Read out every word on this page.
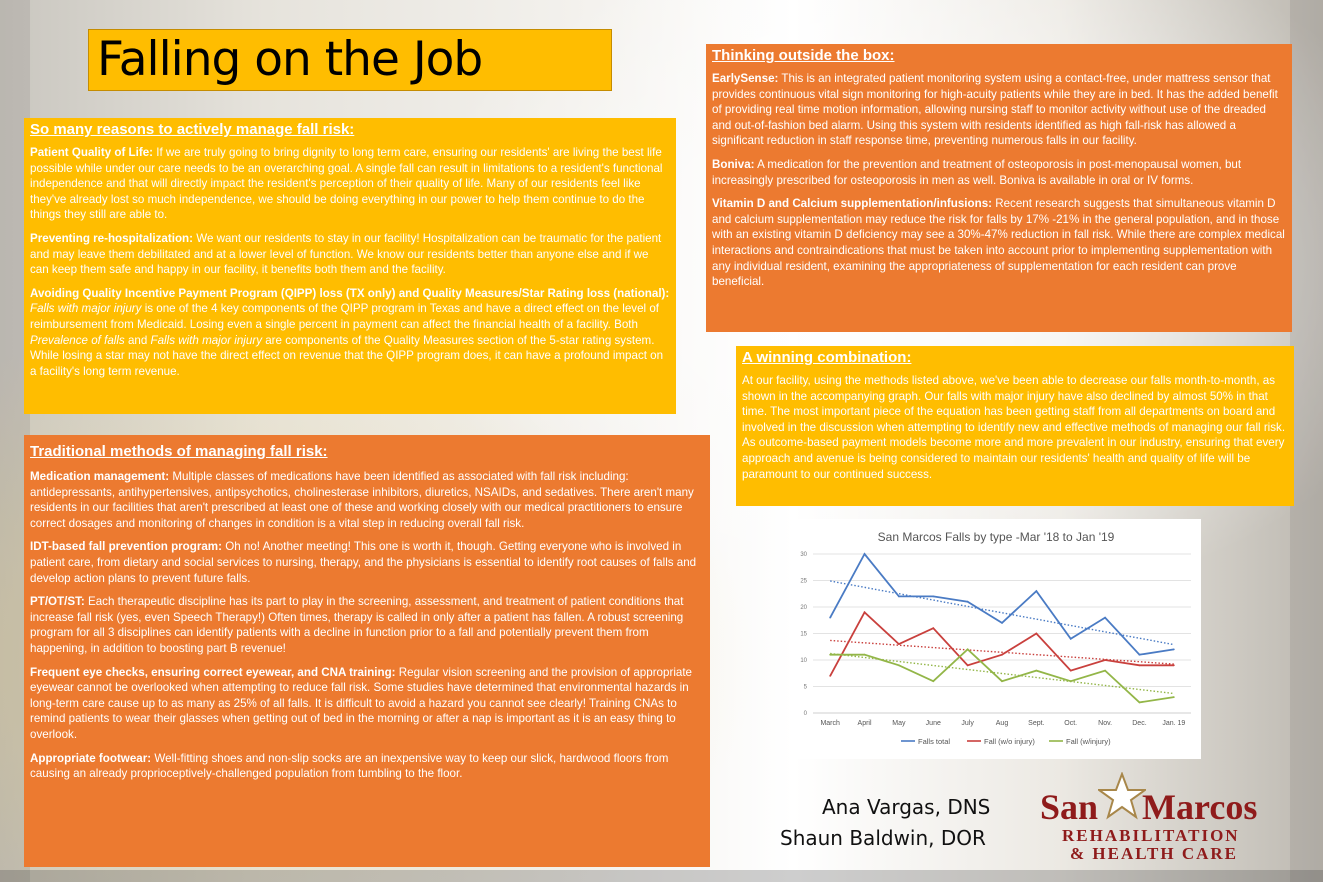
Falling on the Job
So many reasons to actively manage fall risk:

Patient Quality of Life: If we are truly going to bring dignity to long term care, ensuring our residents' are living the best life possible while under our care needs to be an overarching goal. A single fall can result in limitations to a resident's functional independence and that will directly impact the resident's perception of their quality of life. Many of our residents feel like they've already lost so much independence, we should be doing everything in our power to help them continue to do the things they still are able to.

Preventing re-hospitalization: We want our residents to stay in our facility! Hospitalization can be traumatic for the patient and may leave them debilitated and at a lower level of function. We know our residents better than anyone else and if we can keep them safe and happy in our facility, it benefits both them and the facility.

Avoiding Quality Incentive Payment Program (QIPP) loss (TX only) and Quality Measures/Star Rating loss (national): Falls with major injury is one of the 4 key components of the QIPP program in Texas and have a direct effect on the level of reimbursement from Medicaid. Losing even a single percent in payment can affect the financial health of a facility. Both Prevalence of falls and Falls with major injury are components of the Quality Measures section of the 5-star rating system. While losing a star may not have the direct effect on revenue that the QIPP program does, it can have a profound impact on a facility's long term revenue.

Traditional methods of managing fall risk:

Medication management: Multiple classes of medications have been identified as associated with fall risk including: antidepressants, antihypertensives, antipsychotics, cholinesterase inhibitors, diuretics, NSAIDs, and sedatives. There aren't many residents in our facilities that aren't prescribed at least one of these and working closely with our medical practitioners to ensure correct dosages and monitoring of changes in condition is a vital step in reducing overall fall risk.

IDT-based fall prevention program: Oh no! Another meeting! This one is worth it, though. Getting everyone who is involved in patient care, from dietary and social services to nursing, therapy, and the physicians is essential to identify root causes of falls and develop action plans to prevent future falls.

PT/OT/ST: Each therapeutic discipline has its part to play in the screening, assessment, and treatment of patient conditions that increase fall risk (yes, even Speech Therapy!) Often times, therapy is called in only after a patient has fallen. A robust screening program for all 3 disciplines can identify patients with a decline in function prior to a fall and potentially prevent them from happening, in addition to boosting part B revenue!

Frequent eye checks, ensuring correct eyewear, and CNA training: Regular vision screening and the provision of appropriate eyewear cannot be overlooked when attempting to reduce fall risk. Some studies have determined that environmental hazards in long-term care cause up to as many as 25% of all falls. It is difficult to avoid a hazard you cannot see clearly! Training CNAs to remind patients to wear their glasses when getting out of bed in the morning or after a nap is important as it is an easy thing to overlook.

Appropriate footwear: Well-fitting shoes and non-slip socks are an inexpensive way to keep our slick, hardwood floors from causing an already proprioceptively-challenged population from tumbling to the floor.

Thinking outside the box:

EarlySense: This is an integrated patient monitoring system using a contact-free, under mattress sensor that provides continuous vital sign monitoring for high-acuity patients while they are in bed. It has the added benefit of providing real time motion information, allowing nursing staff to monitor activity without use of the dreaded and out-of-fashion bed alarm. Using this system with residents identified as high fall-risk has allowed a significant reduction in staff response time, preventing numerous falls in our facility.

Boniva: A medication for the prevention and treatment of osteoporosis in post-menopausal women, but increasingly prescribed for osteoporosis in men as well. Boniva is available in oral or IV forms.

Vitamin D and Calcium supplementation/infusions: Recent research suggests that simultaneous vitamin D and calcium supplementation may reduce the risk for falls by 17% -21% in the general population, and in those with an existing vitamin D deficiency may see a 30%-47% reduction in fall risk. While there are complex medical interactions and contraindications that must be taken into account prior to implementing supplementation with any individual resident, examining the appropriateness of supplementation for each resident can prove beneficial.

A winning combination:

At our facility, using the methods listed above, we've been able to decrease our falls month-to-month, as shown in the accompanying graph. Our falls with major injury have also declined by almost 50% in that time. The most important piece of the equation has been getting staff from all departments on board and involved in the discussion when attempting to identify new and effective methods of managing our fall risk. As outcome-based payment models become more and more prevalent in our industry, ensuring that every approach and avenue is being considered to maintain our residents' health and quality of life will be paramount to our continued success.

San Marcos Falls by type -Mar '18 to Jan '19
0
5
10
15
20
25
30
March	April	May	June	July	Aug	Sept.	Oct.	Nov.	Dec. Jan. 19
Falls total	Fall (w/o injury)	Fall (w/injury)
Ana Vargas, DNS
Shaun Baldwin, DOR
San Marcos
REHABILITATION
& HEALTH CARE
